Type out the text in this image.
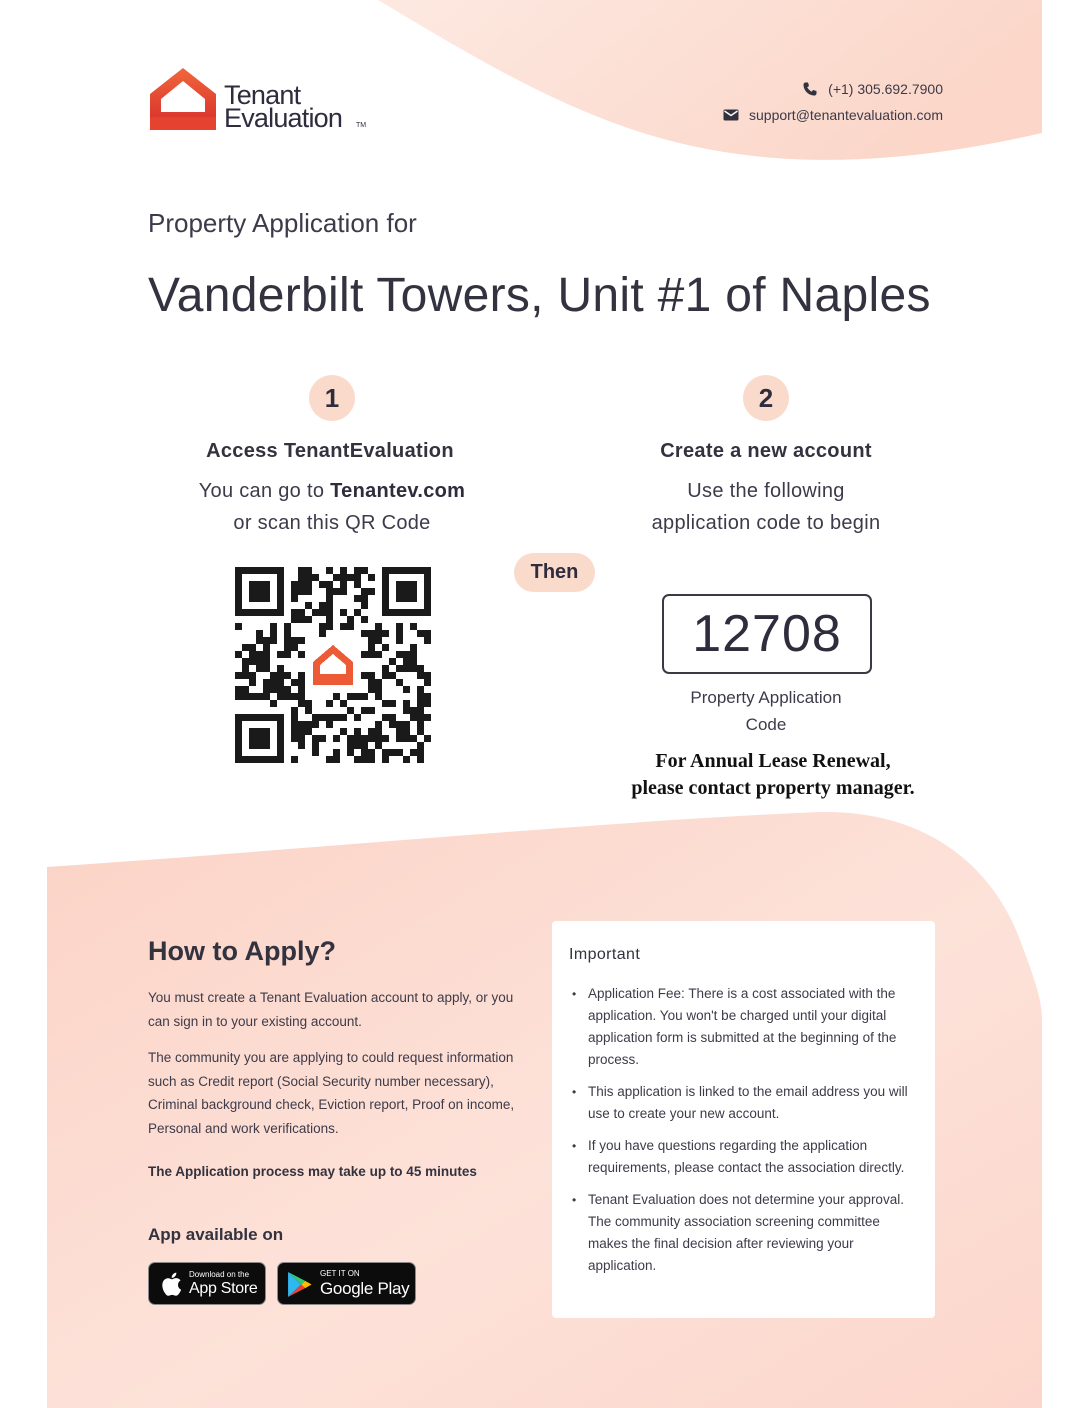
Tenant
Evaluation TM
(+1) 305.692.7900
support@tenantevaluation.com
Property Application for
Vanderbilt Towers, Unit #1 of Naples
1
Access TenantEvaluation
You can go to Tenantev.com
or scan this QR Code
2
Create a new account
Use the following
application code to begin
Then
12708
Property Application
Code
For Annual Lease Renewal,
please contact property manager.
How to Apply?
You must create a Tenant Evaluation account to apply, or you can sign in to your existing account.
The community you are applying to could request information such as Credit report (Social Security number necessary), Criminal background check, Eviction report, Proof on income, Personal and work verifications.
The Application process may take up to 45 minutes
App available on
Download on the
App Store
GET IT ON
Google Play
Important
• Application Fee: There is a cost associated with the application. You won't be charged until your digital application form is submitted at the beginning of the process.
• This application is linked to the email address you will use to create your new account.
• If you have questions regarding the application requirements, please contact the association directly.
• Tenant Evaluation does not determine your approval. The community association screening committee makes the final decision after reviewing your application.
